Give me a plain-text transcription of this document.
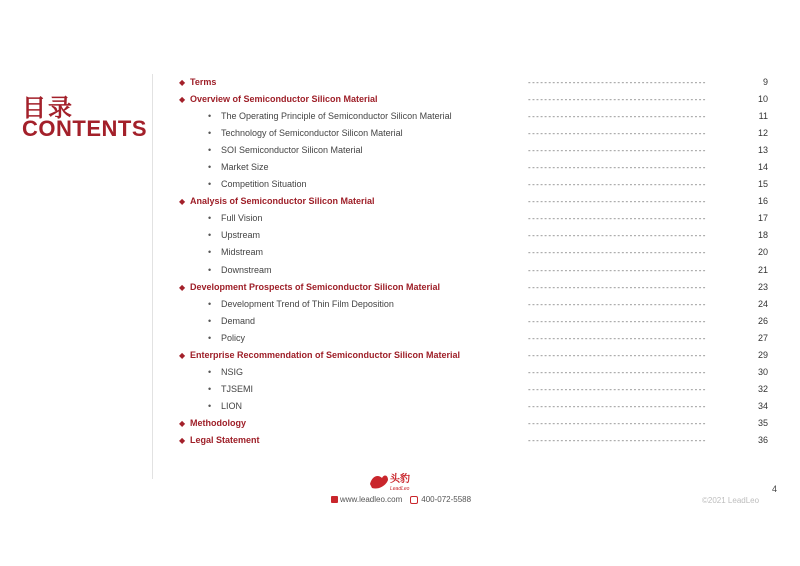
目录
CONTENTS
◆ Terms	--------------------------------------------	9
◆ Overview of Semiconductor Silicon Material	--------------------------------------------	10
• The Operating Principle of Semiconductor Silicon Material	--------------------------------------------	11
• Technology of Semiconductor Silicon Material	--------------------------------------------	12
• SOI Semiconductor Silicon Material	--------------------------------------------	13
• Market Size	--------------------------------------------	14
• Competition Situation	--------------------------------------------	15
◆ Analysis of Semiconductor Silicon Material	--------------------------------------------	16
• Full Vision	--------------------------------------------	17
• Upstream	--------------------------------------------	18
• Midstream	--------------------------------------------	20
• Downstream	--------------------------------------------	21
◆ Development Prospects of Semiconductor Silicon Material	--------------------------------------------	23
• Development Trend of Thin Film Deposition	--------------------------------------------	24
• Demand	--------------------------------------------	26
• Policy	--------------------------------------------	27
◆ Enterprise Recommendation of Semiconductor Silicon Material	--------------------------------------------	29
• NSIG	--------------------------------------------	30
• TJSEMI	--------------------------------------------	32
• LION	--------------------------------------------	34
◆ Methodology	--------------------------------------------	35
◆ Legal Statement	--------------------------------------------	36
头豹
LeadLeo
www.leadleo.com 400-072-5588
4
©2021 LeadLeo
